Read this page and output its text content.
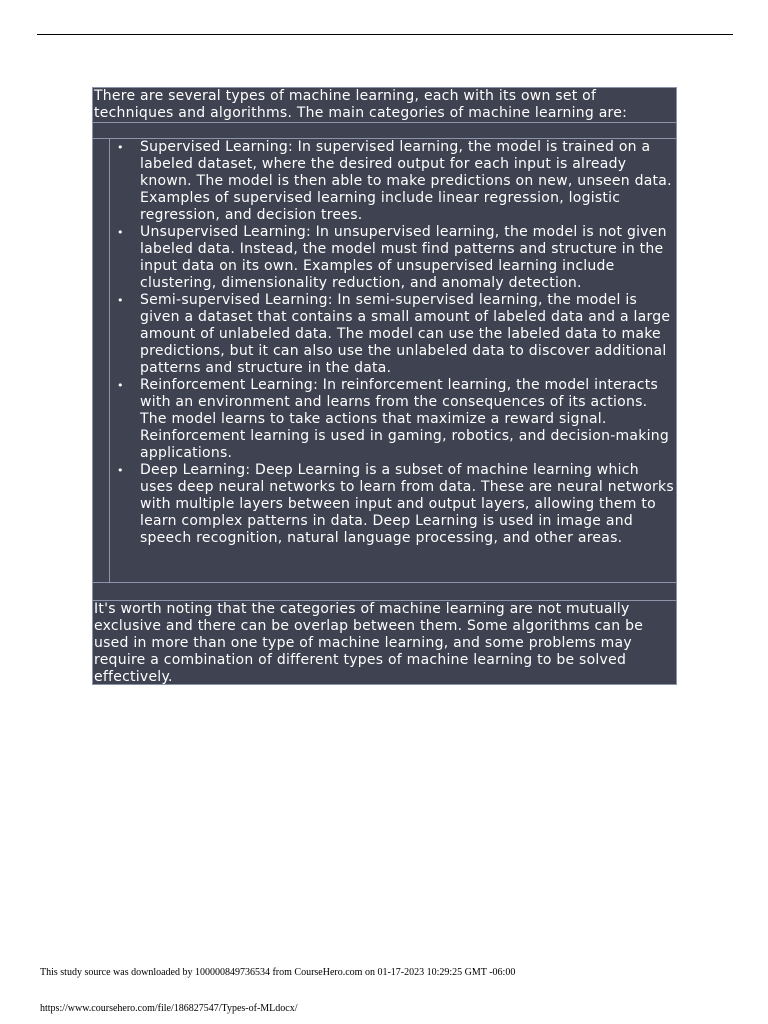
There are several types of machine learning, each with its own set of techniques and algorithms. The main categories of machine learning are:
• Supervised Learning: In supervised learning, the model is trained on a labeled dataset, where the desired output for each input is already known. The model is then able to make predictions on new, unseen data. Examples of supervised learning include linear regression, logistic regression, and decision trees.
• Unsupervised Learning: In unsupervised learning, the model is not given labeled data. Instead, the model must find patterns and structure in the input data on its own. Examples of unsupervised learning include clustering, dimensionality reduction, and anomaly detection.
• Semi-supervised Learning: In semi-supervised learning, the model is given a dataset that contains a small amount of labeled data and a large amount of unlabeled data. The model can use the labeled data to make predictions, but it can also use the unlabeled data to discover additional patterns and structure in the data.
• Reinforcement Learning: In reinforcement learning, the model interacts with an environment and learns from the consequences of its actions. The model learns to take actions that maximize a reward signal. Reinforcement learning is used in gaming, robotics, and decision-making applications.
• Deep Learning: Deep Learning is a subset of machine learning which uses deep neural networks to learn from data. These are neural networks with multiple layers between input and output layers, allowing them to learn complex patterns in data. Deep Learning is used in image and speech recognition, natural language processing, and other areas.
It's worth noting that the categories of machine learning are not mutually exclusive and there can be overlap between them. Some algorithms can be used in more than one type of machine learning, and some problems may require a combination of different types of machine learning to be solved effectively.
This study source was downloaded by 100000849736534 from CourseHero.com on 01-17-2023 10:29:25 GMT -06:00
https://www.coursehero.com/file/186827547/Types-of-MLdocx/
